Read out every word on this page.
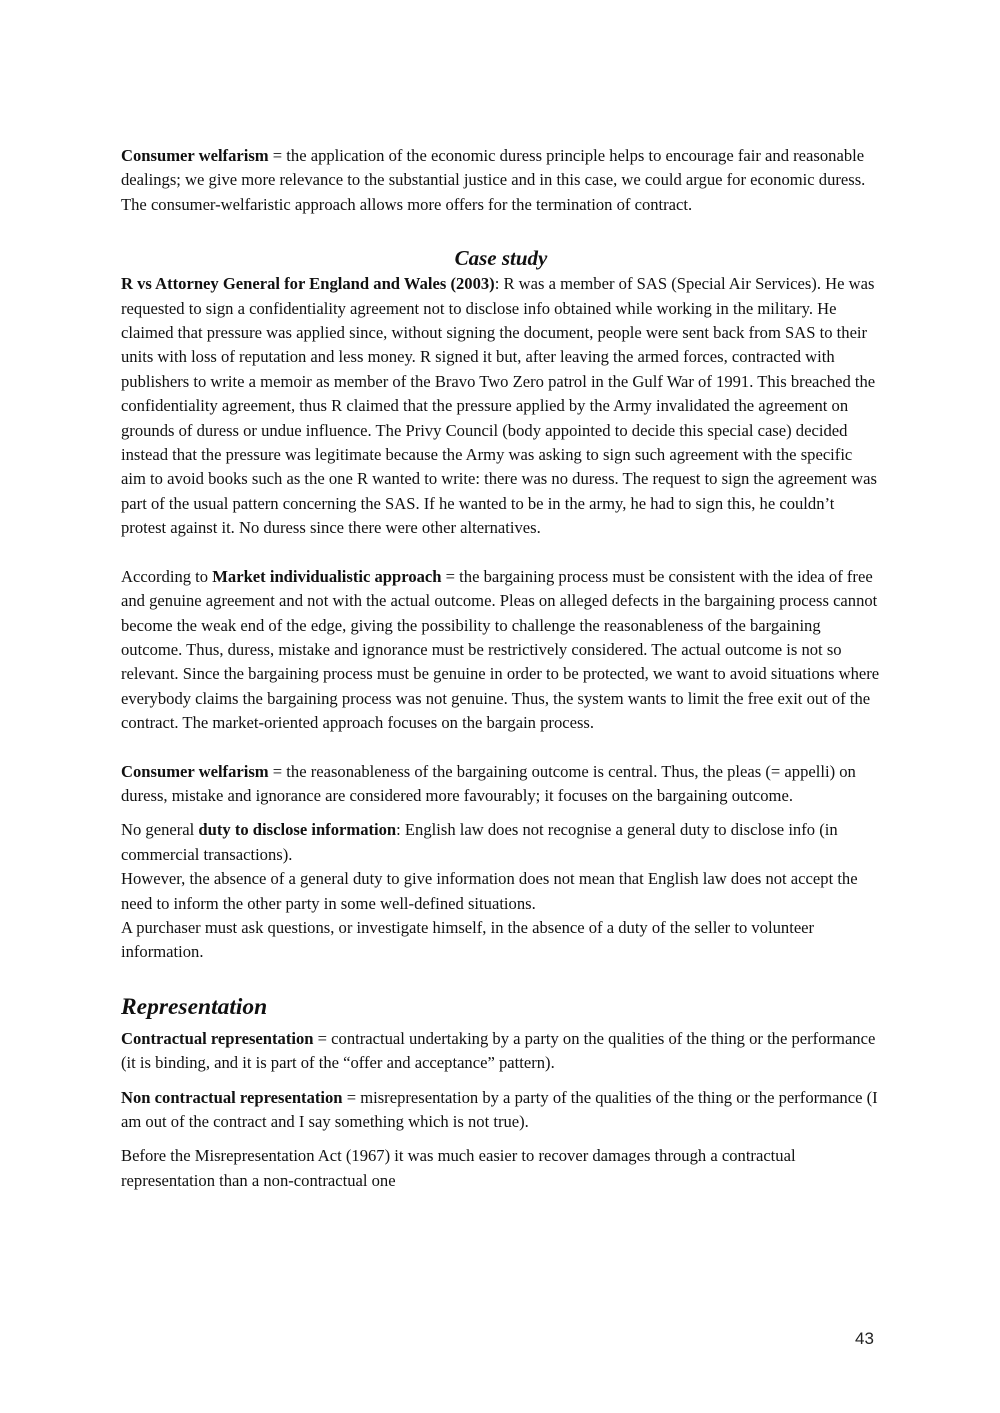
Consumer welfarism = the application of the economic duress principle helps to encourage fair and reasonable dealings; we give more relevance to the substantial justice and in this case, we could argue for economic duress. The consumer-welfaristic approach allows more offers for the termination of contract.

Case study

R vs Attorney General for England and Wales (2003): R was a member of SAS (Special Air Services). He was requested to sign a confidentiality agreement not to disclose info obtained while working in the military. He claimed that pressure was applied since, without signing the document, people were sent back from SAS to their units with loss of reputation and less money. R signed it but, after leaving the armed forces, contracted with publishers to write a memoir as member of the Bravo Two Zero patrol in the Gulf War of 1991. This breached the confidentiality agreement, thus R claimed that the pressure applied by the Army invalidated the agreement on grounds of duress or undue influence. The Privy Council (body appointed to decide this special case) decided instead that the pressure was legitimate because the Army was asking to sign such agreement with the specific aim to avoid books such as the one R wanted to write: there was no duress. The request to sign the agreement was part of the usual pattern concerning the SAS. If he wanted to be in the army, he had to sign this, he couldn’t protest against it. No duress since there were other alternatives.

According to Market individualistic approach = the bargaining process must be consistent with the idea of free and genuine agreement and not with the actual outcome. Pleas on alleged defects in the bargaining process cannot become the weak end of the edge, giving the possibility to challenge the reasonableness of the bargaining outcome. Thus, duress, mistake and ignorance must be restrictively considered. The actual outcome is not so relevant. Since the bargaining process must be genuine in order to be protected, we want to avoid situations where everybody claims the bargaining process was not genuine. Thus, the system wants to limit the free exit out of the contract. The market-oriented approach focuses on the bargain process.

Consumer welfarism = the reasonableness of the bargaining outcome is central. Thus, the pleas (= appelli) on duress, mistake and ignorance are considered more favourably; it focuses on the bargaining outcome.

No general duty to disclose information: English law does not recognise a general duty to disclose info (in commercial transactions).
However, the absence of a general duty to give information does not mean that English law does not accept the need to inform the other party in some well-defined situations.
A purchaser must ask questions, or investigate himself, in the absence of a duty of the seller to volunteer information.

Representation

Contractual representation = contractual undertaking by a party on the qualities of the thing or the performance (it is binding, and it is part of the “offer and acceptance” pattern).

Non contractual representation = misrepresentation by a party of the qualities of the thing or the performance (I am out of the contract and I say something which is not true).

Before the Misrepresentation Act (1967) it was much easier to recover damages through a contractual representation than a non-contractual one

43
